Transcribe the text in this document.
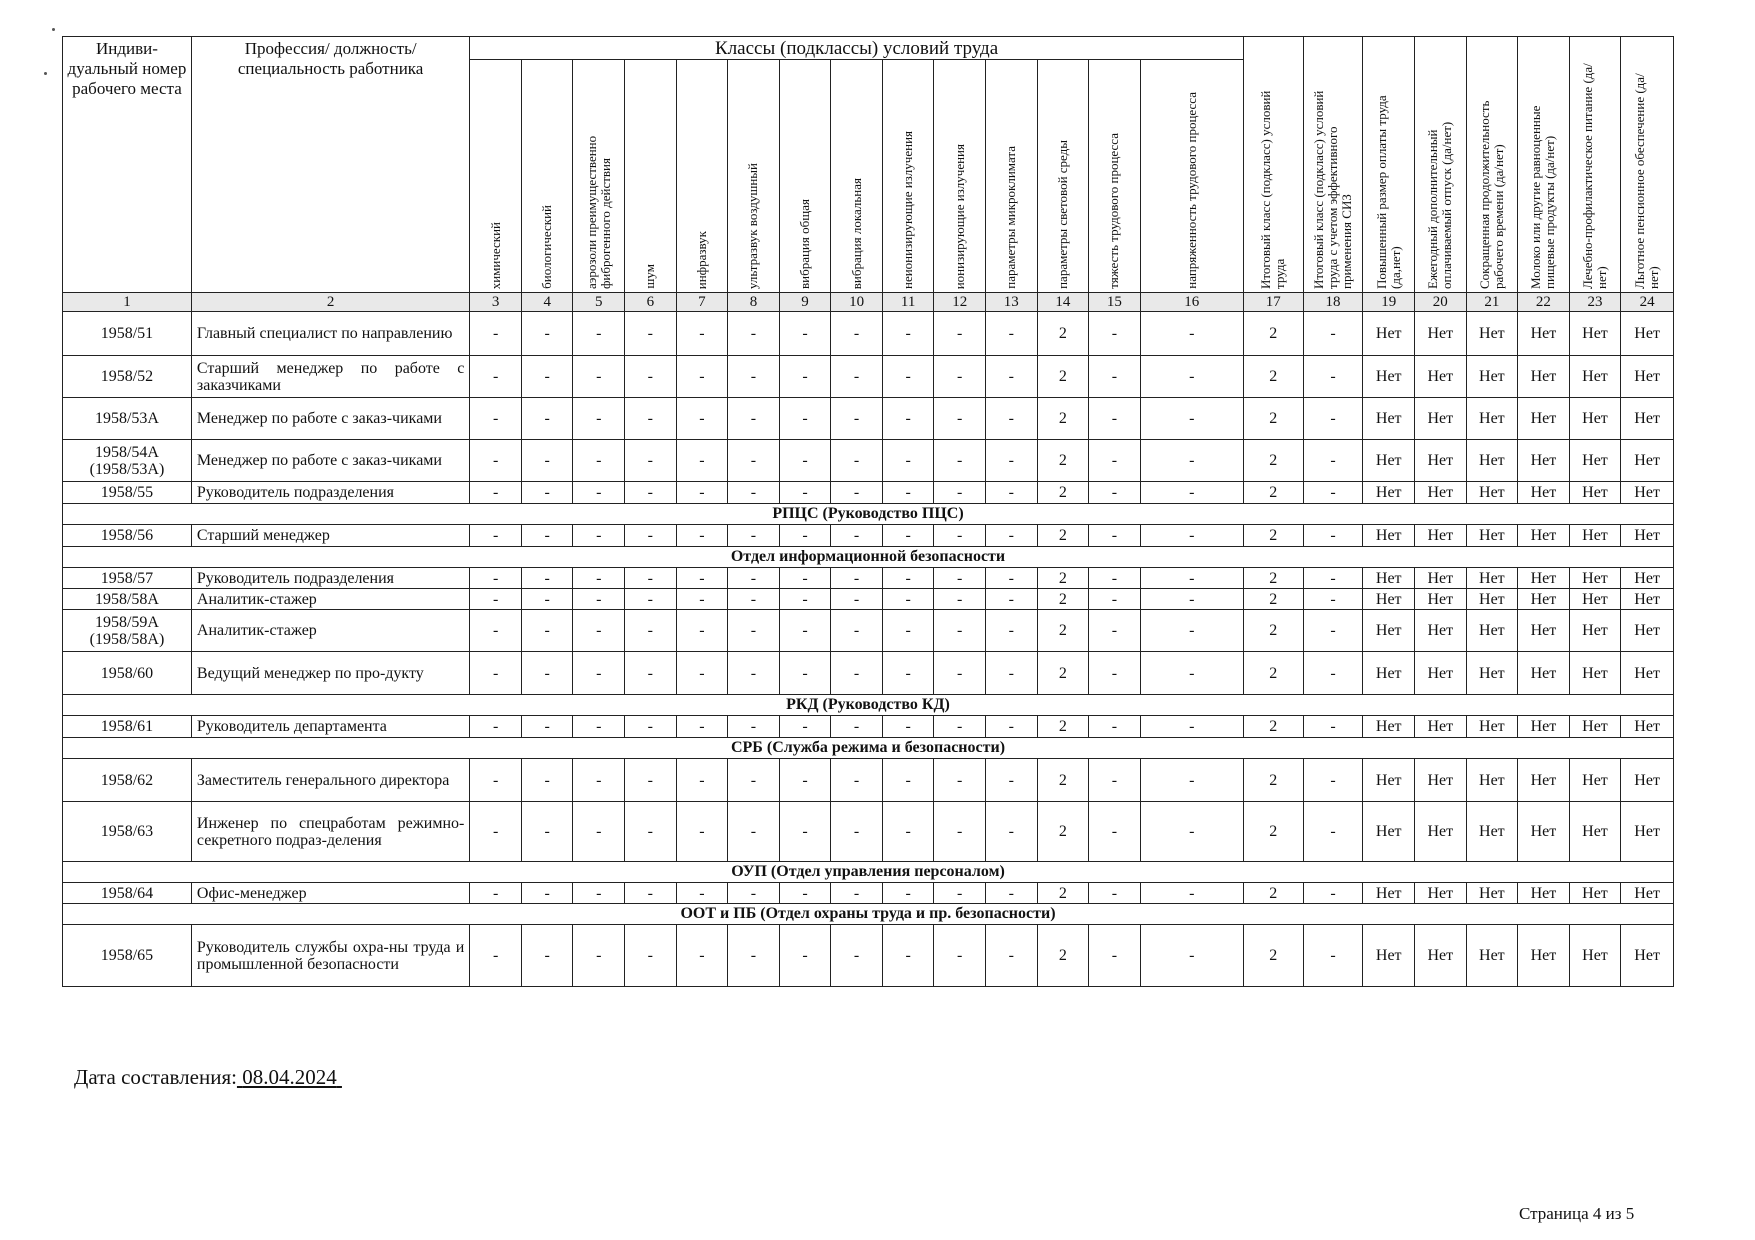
Индиви-дуальный номер рабочего места	Профессия/ должность/ специальность работника	Классы (подклассы) условий труда														Итоговый класс (подкласс) условий труда	Итоговый класс (подкласс) условий труда с учетом эффективного применения СИЗ	Повышенный размер оплаты труда (да,нет)	Ежегодный дополнительный оплачиваемый отпуск (да/нет)	Сокращенная продолжительность рабочего времени (да/нет)	Молоко или другие равноценные пищевые продукты (да/нет)	Лечебно-профилактическое питание (да/нет)	Льготное пенсионное обеспечение (да/нет)

		химический	биологический	аэрозоли преимущественно фиброгенного действия	шум	инфразвук	ультразвук воздушный	вибрация общая	вибрация локальная	неионизирующие излучения	ионизирующие излучения	параметры микроклимата	параметры световой среды	тяжесть трудового процесса	напряженность трудового процесса								

1	2	3	4	5	6	7	8	9	10	11	12	13	14	15	16	17	18	19	20	21	22	23	24
1958/51	Главный специалист по направлению	-	-	-	-	-	-	-	-	-	-	-	2	-	-	2	-	Нет	Нет	Нет	Нет	Нет	Нет
1958/52	Старший менеджер по работе с заказчиками	-	-	-	-	-	-	-	-	-	-	-	2	-	-	2	-	Нет	Нет	Нет	Нет	Нет	Нет
1958/53А	Менеджер по работе с заказ-чиками	-	-	-	-	-	-	-	-	-	-	-	2	-	-	2	-	Нет	Нет	Нет	Нет	Нет	Нет
1958/54А (1958/53А)	Менеджер по работе с заказ-чиками	-	-	-	-	-	-	-	-	-	-	-	2	-	-	2	-	Нет	Нет	Нет	Нет	Нет	Нет
1958/55	Руководитель подразделения	-	-	-	-	-	-	-	-	-	-	-	2	-	-	2	-	Нет	Нет	Нет	Нет	Нет	Нет
РПЦС (Руководство ПЦС)																							
1958/56	Старший менеджер	-	-	-	-	-	-	-	-	-	-	-	2	-	-	2	-	Нет	Нет	Нет	Нет	Нет	Нет
Отдел информационной безопасности																							
1958/57	Руководитель подразделения	-	-	-	-	-	-	-	-	-	-	-	2	-	-	2	-	Нет	Нет	Нет	Нет	Нет	Нет
1958/58А	Аналитик-стажер	-	-	-	-	-	-	-	-	-	-	-	2	-	-	2	-	Нет	Нет	Нет	Нет	Нет	Нет
1958/59А (1958/58А)	Аналитик-стажер	-	-	-	-	-	-	-	-	-	-	-	2	-	-	2	-	Нет	Нет	Нет	Нет	Нет	Нет
1958/60	Ведущий менеджер по про-дукту	-	-	-	-	-	-	-	-	-	-	-	2	-	-	2	-	Нет	Нет	Нет	Нет	Нет	Нет
РКД (Руководство КД)																							
1958/61	Руководитель департамента	-	-	-	-	-	-	-	-	-	-	-	2	-	-	2	-	Нет	Нет	Нет	Нет	Нет	Нет
СРБ (Служба режима и безопасности)																							
1958/62	Заместитель генерального директора	-	-	-	-	-	-	-	-	-	-	-	2	-	-	2	-	Нет	Нет	Нет	Нет	Нет	Нет
1958/63	Инженер по спецработам режимно-секретного подраз-деления	-	-	-	-	-	-	-	-	-	-	-	2	-	-	2	-	Нет	Нет	Нет	Нет	Нет	Нет
ОУП (Отдел управления персоналом)																							
1958/64	Офис-менеджер	-	-	-	-	-	-	-	-	-	-	-	2	-	-	2	-	Нет	Нет	Нет	Нет	Нет	Нет
ООТ и ПБ (Отдел охраны труда и пр. безопасности)																							
1958/65	Руководитель службы охра-ны труда и промышленной безопасности	-	-	-	-	-	-	-	-	-	-	-	2	-	-	2	-	Нет	Нет	Нет	Нет	Нет	Нет
Дата составления: 08.04.2024
Страница 4 из 5
